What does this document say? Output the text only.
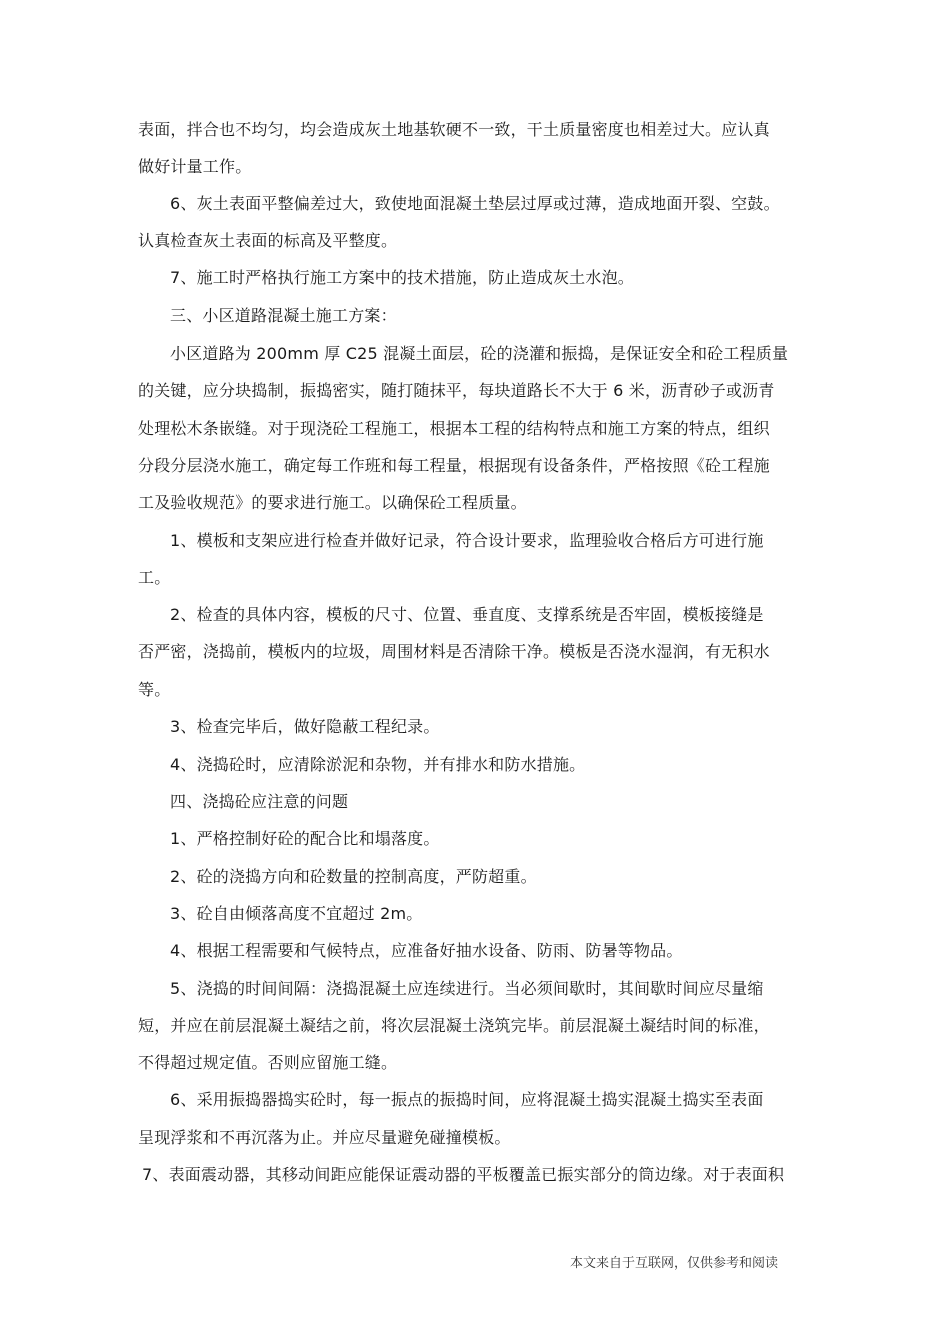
表面，拌合也不均匀，均会造成灰土地基软硬不一致，干土质量密度也相差过大。应认真
做好计量工作。
6、灰土表面平整偏差过大，致使地面混凝土垫层过厚或过薄，造成地面开裂、空鼓。
认真检查灰土表面的标高及平整度。
7、施工时严格执行施工方案中的技术措施，防止造成灰土水泡。
三、小区道路混凝土施工方案：
小区道路为 200mm 厚 C25 混凝土面层，砼的浇灌和振捣，是保证安全和砼工程质量
的关键，应分块捣制，振捣密实，随打随抹平，每块道路长不大于 6 米，沥青砂子或沥青
处理松木条嵌缝。对于现浇砼工程施工，根据本工程的结构特点和施工方案的特点，组织
分段分层浇水施工，确定每工作班和每工程量，根据现有设备条件，严格按照《砼工程施
工及验收规范》的要求进行施工。以确保砼工程质量。
1、模板和支架应进行检查并做好记录，符合设计要求，监理验收合格后方可进行施
工。
2、检查的具体内容，模板的尺寸、位置、垂直度、支撑系统是否牢固，模板接缝是
否严密，浇捣前，模板内的垃圾，周围材料是否清除干净。模板是否浇水湿润，有无积水
等。
3、检查完毕后，做好隐蔽工程纪录。
4、浇捣砼时，应清除淤泥和杂物，并有排水和防水措施。
四、浇捣砼应注意的问题
1、严格控制好砼的配合比和塌落度。
2、砼的浇捣方向和砼数量的控制高度，严防超重。
3、砼自由倾落高度不宜超过 2m。
4、根据工程需要和气候特点，应准备好抽水设备、防雨、防暑等物品。
5、浇捣的时间间隔：浇捣混凝土应连续进行。当必须间歇时，其间歇时间应尽量缩
短，并应在前层混凝土凝结之前，将次层混凝土浇筑完毕。前层混凝土凝结时间的标准，
不得超过规定值。否则应留施工缝。
6、采用振捣器捣实砼时，每一振点的振捣时间，应将混凝土捣实混凝土捣实至表面
呈现浮浆和不再沉落为止。并应尽量避免碰撞模板。
7、表面震动器，其移动间距应能保证震动器的平板覆盖已振实部分的筒边缘。对于表面积
本文来自于互联网，仅供参考和阅读
